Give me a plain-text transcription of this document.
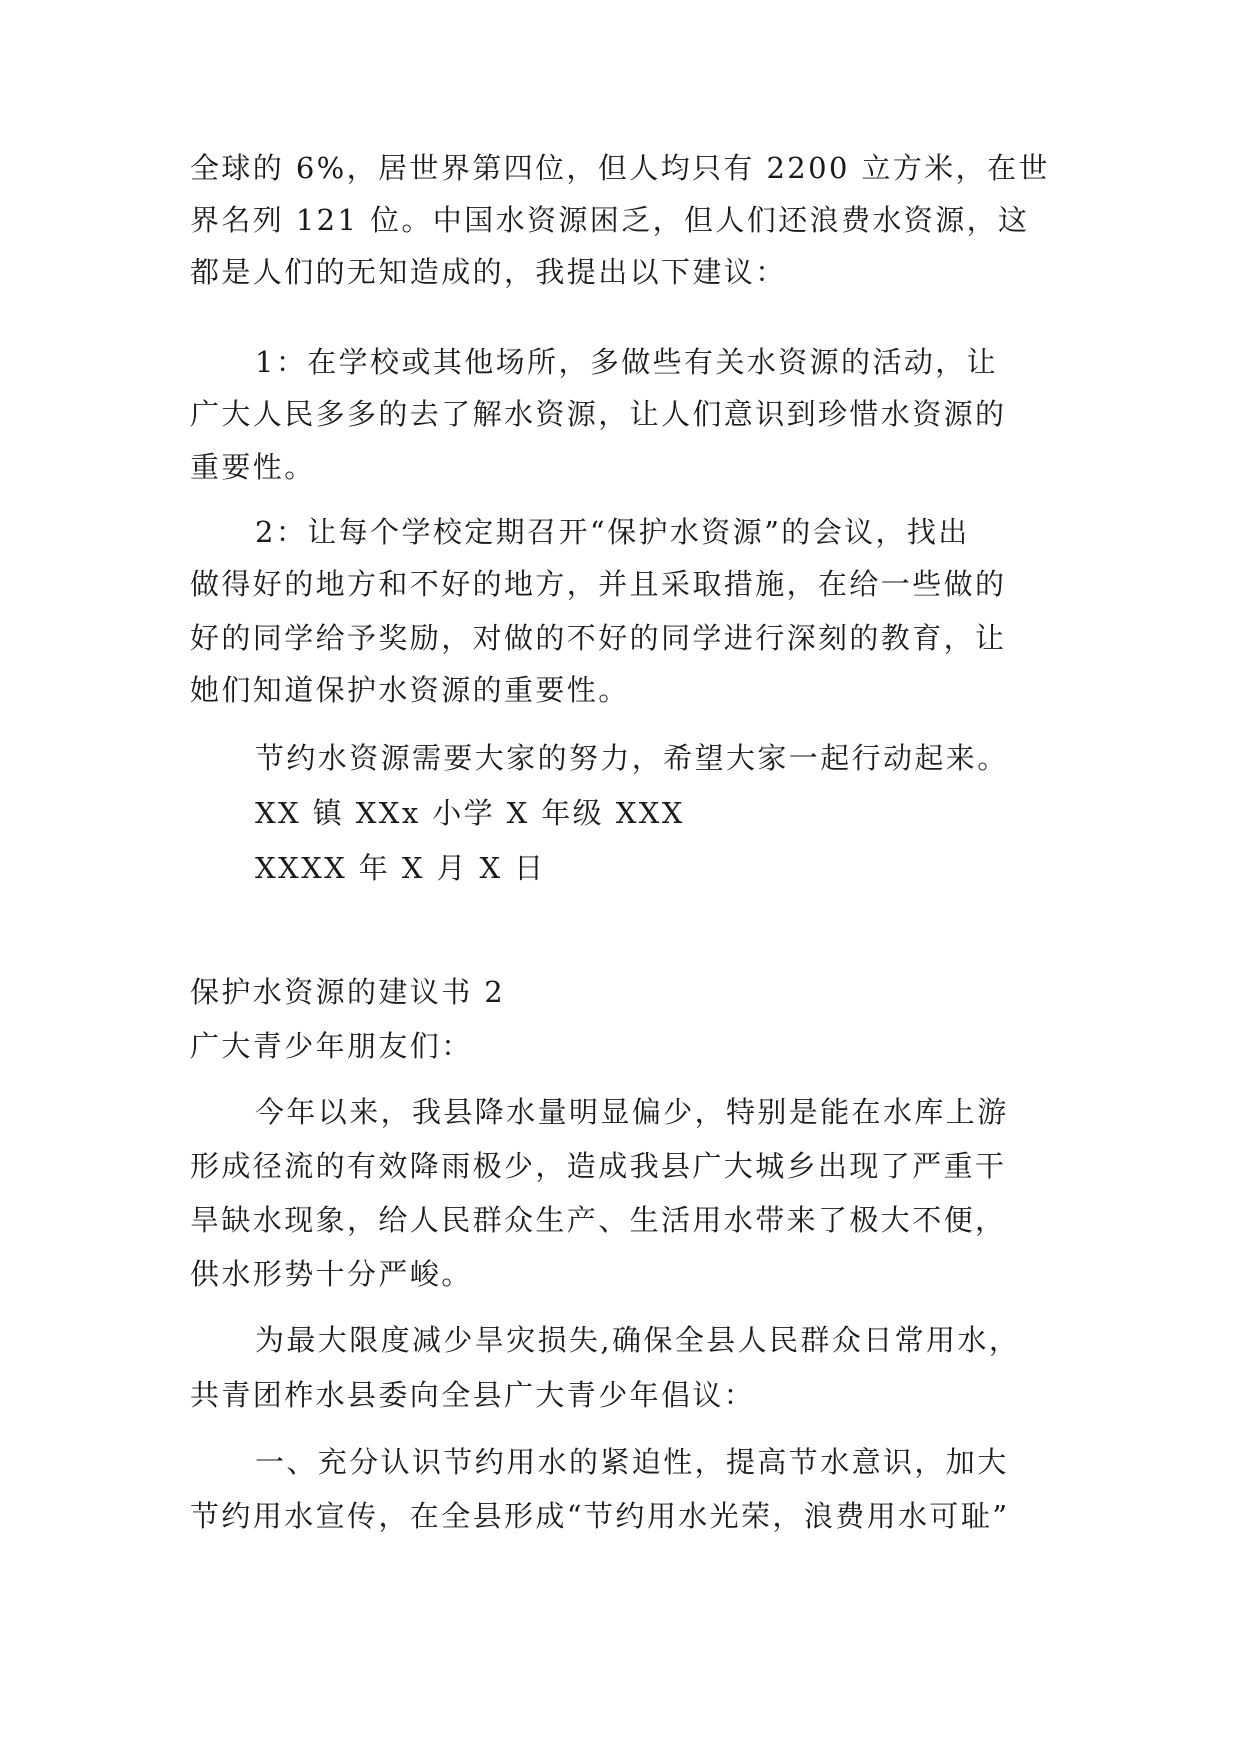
全球的 6%，居世界第四位，但人均只有 2200 立方米，在世
界名列 121 位。中国水资源困乏，但人们还浪费水资源，这
都是人们的无知造成的，我提出以下建议：
1：在学校或其他场所，多做些有关水资源的活动，让
广大人民多多的去了解水资源，让人们意识到珍惜水资源的
重要性。
2：让每个学校定期召开“保护水资源”的会议，找出
做得好的地方和不好的地方，并且采取措施，在给一些做的
好的同学给予奖励，对做的不好的同学进行深刻的教育，让
她们知道保护水资源的重要性。
节约水资源需要大家的努力，希望大家一起行动起来。
XX 镇 XXx 小学 X 年级 XXX
XXXX 年 X 月 X 日
保护水资源的建议书 2
广大青少年朋友们：
今年以来，我县降水量明显偏少，特别是能在水库上游
形成径流的有效降雨极少，造成我县广大城乡出现了严重干
旱缺水现象，给人民群众生产、生活用水带来了极大不便，
供水形势十分严峻。
为最大限度减少旱灾损失,确保全县人民群众日常用水，
共青团柞水县委向全县广大青少年倡议：
一、充分认识节约用水的紧迫性，提高节水意识，加大
节约用水宣传，在全县形成“节约用水光荣，浪费用水可耻”
